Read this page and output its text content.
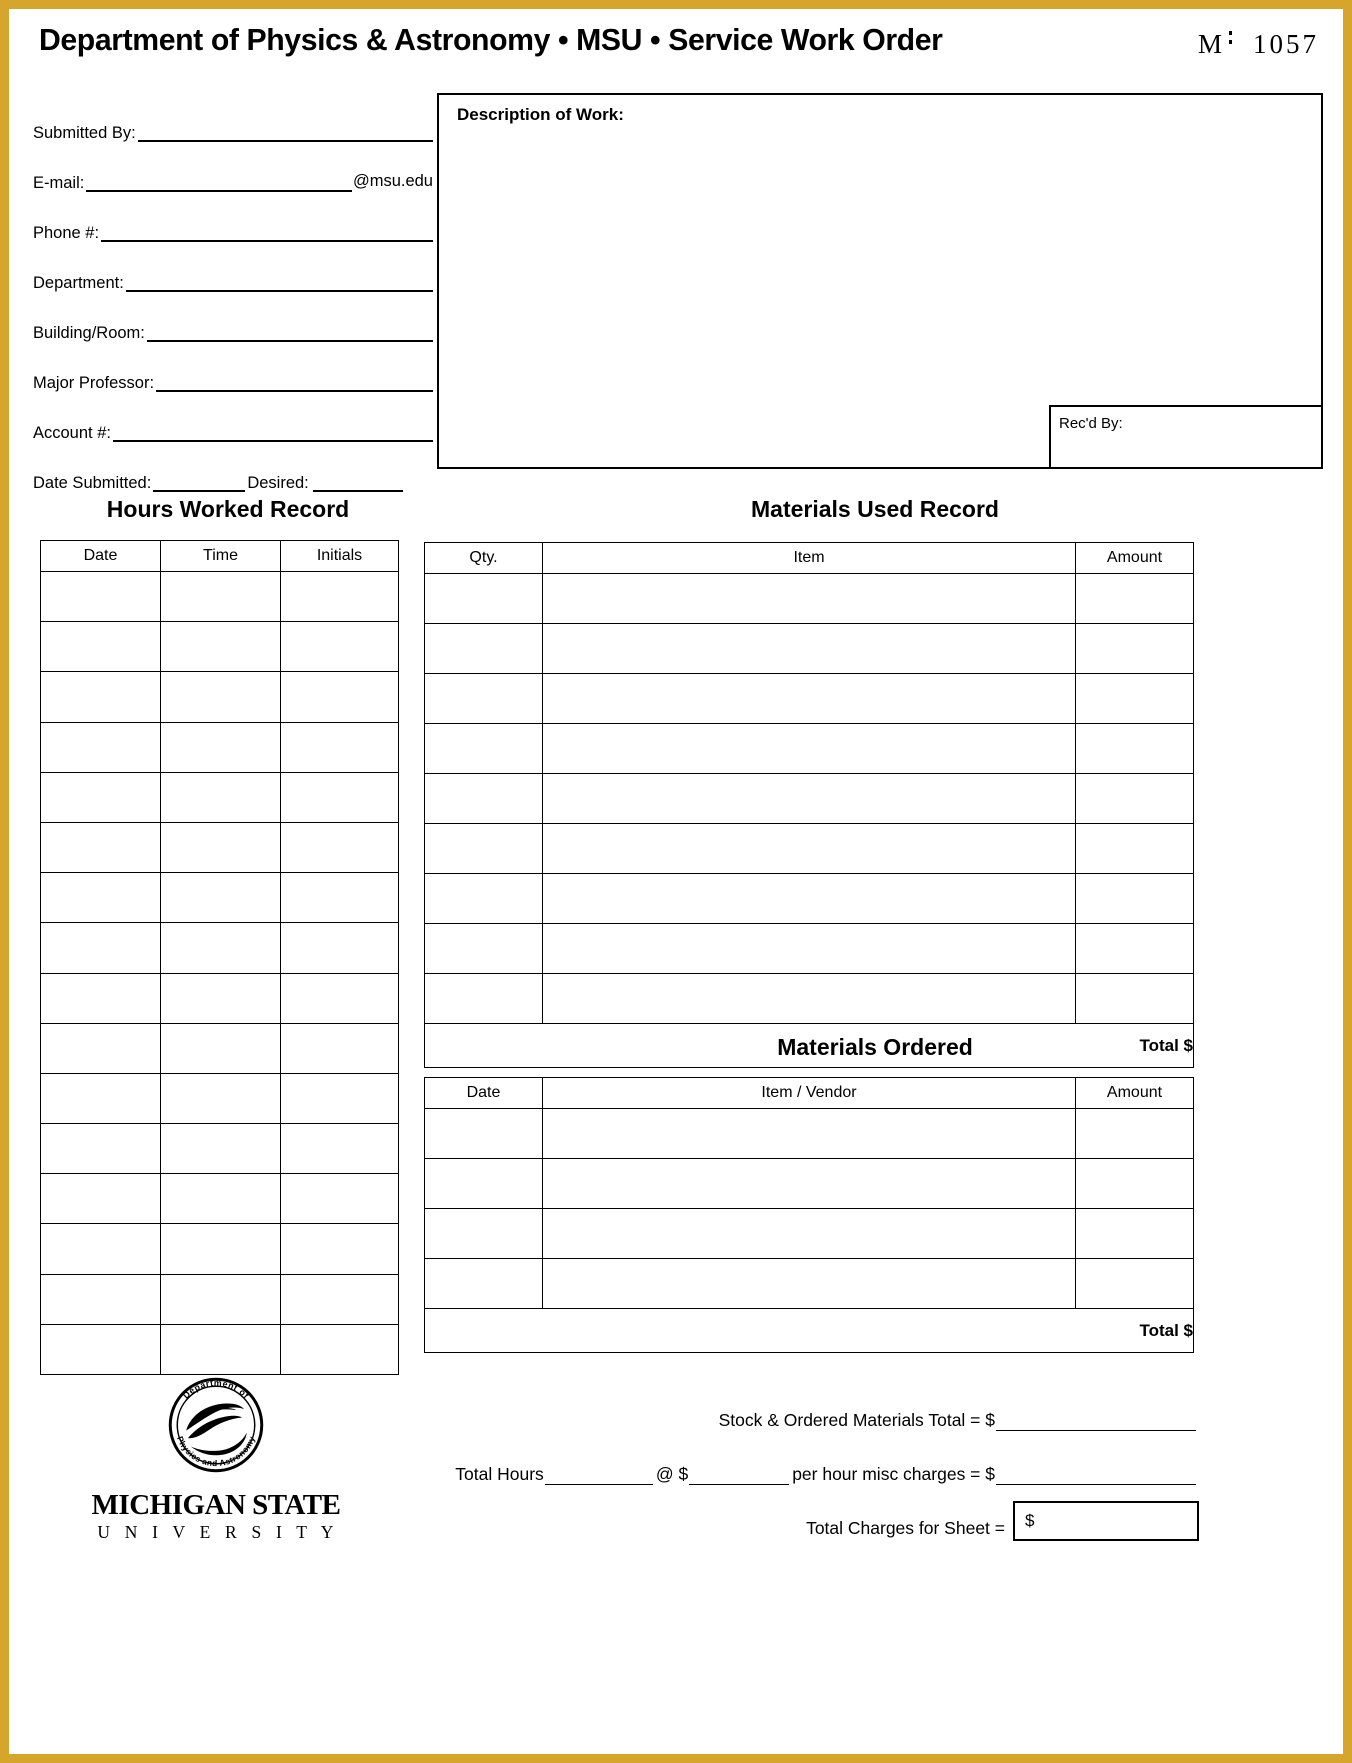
Department of Physics & Astronomy • MSU • Service Work Order	M 1057
Submitted By:
E-mail:	@msu.edu
Phone #:
Department:
Building/Room:
Major Professor:
Account #:
Date Submitted:	Desired:
Description of Work:
Rec'd By:
Hours Worked Record
Date	Time	Initials

Materials Used Record
Qty.	Item	Amount

Total $		
Materials Ordered
Date	Item / Vendor	Amount

Total $		
Department of
Physics and Astronomy
MICHIGAN STATE
U N I V E R S I T Y
Stock & Ordered Materials Total = $
Total Hours	@ $	per hour misc charges = $
Total Charges for Sheet = $
